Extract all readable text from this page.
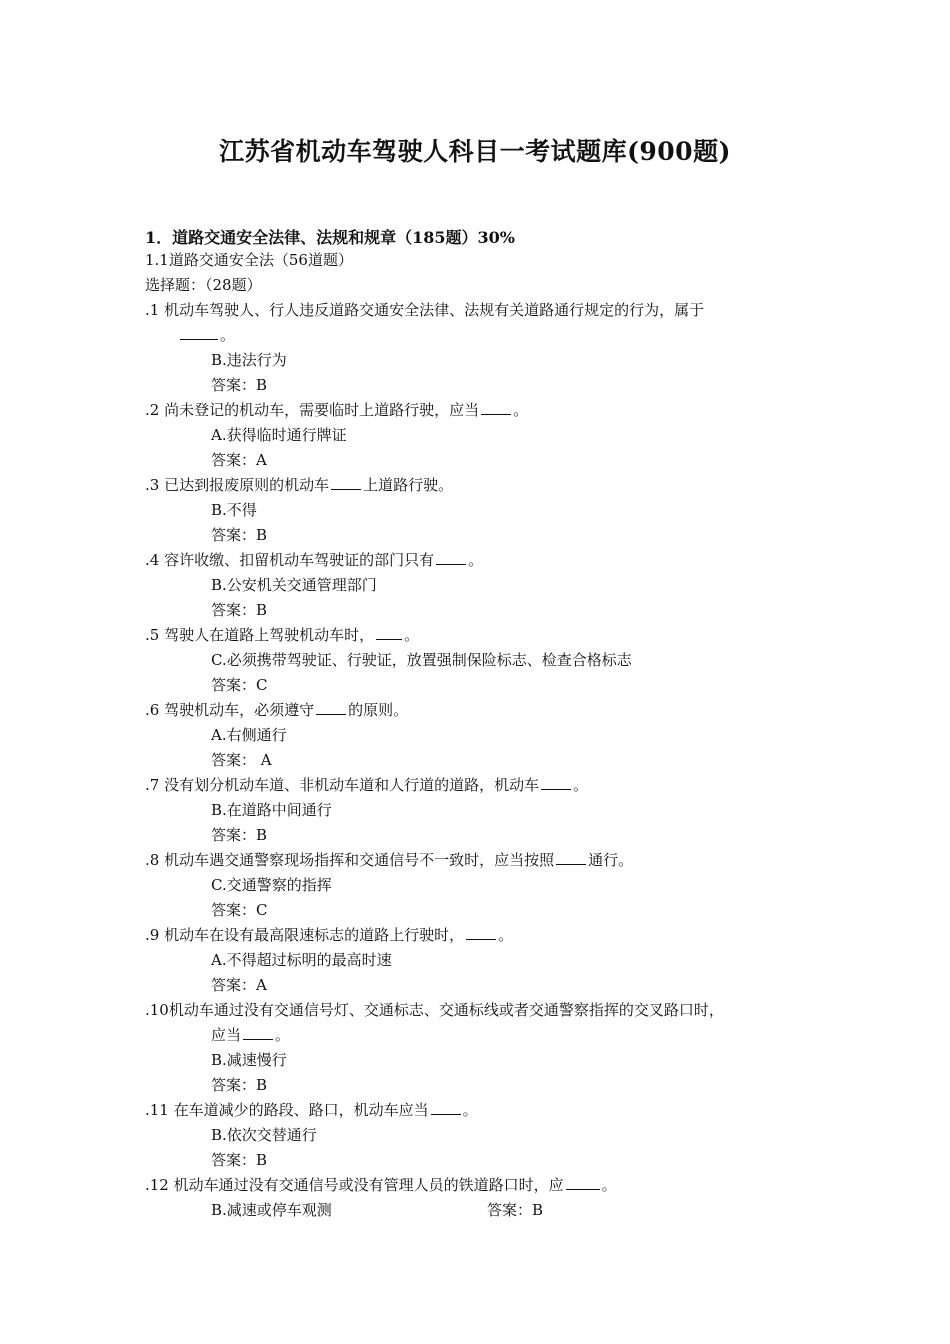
江苏省机动车驾驶人科目一考试题库(900题)
1．道路交通安全法律、法规和规章（185题）30%
1.1道路交通安全法（56道题）
选择题：（28题）
.1 机动车驾驶人、行人违反道路交通安全法律、法规有关道路通行规定的行为，属于
。
B.违法行为
答案：B
.2 尚未登记的机动车，需要临时上道路行驶，应当 。
A.获得临时通行牌证
答案：A
.3 已达到报废原则的机动车 上道路行驶。
B.不得
答案：B
.4 容许收缴、扣留机动车驾驶证的部门只有 。
B.公安机关交通管理部门
答案：B
.5 驾驶人在道路上驾驶机动车时， 。
C.必须携带驾驶证、行驶证，放置强制保险标志、检查合格标志
答案：C
.6 驾驶机动车，必须遵守 的原则。
A.右侧通行
答案： A
.7 没有划分机动车道、非机动车道和人行道的道路，机动车 。
B.在道路中间通行
答案：B
.8 机动车遇交通警察现场指挥和交通信号不一致时，应当按照 通行。
C.交通警察的指挥
答案：C
.9 机动车在设有最高限速标志的道路上行驶时， 。
A.不得超过标明的最高时速
答案：A
.10机动车通过没有交通信号灯、交通标志、交通标线或者交通警察指挥的交叉路口时，
应当 。
B.减速慢行
答案：B
.11 在车道减少的路段、路口，机动车应当 。
B.依次交替通行
答案：B
.12 机动车通过没有交通信号或没有管理人员的铁道路口时，应	。
B.减速或停车观测	答案：B
